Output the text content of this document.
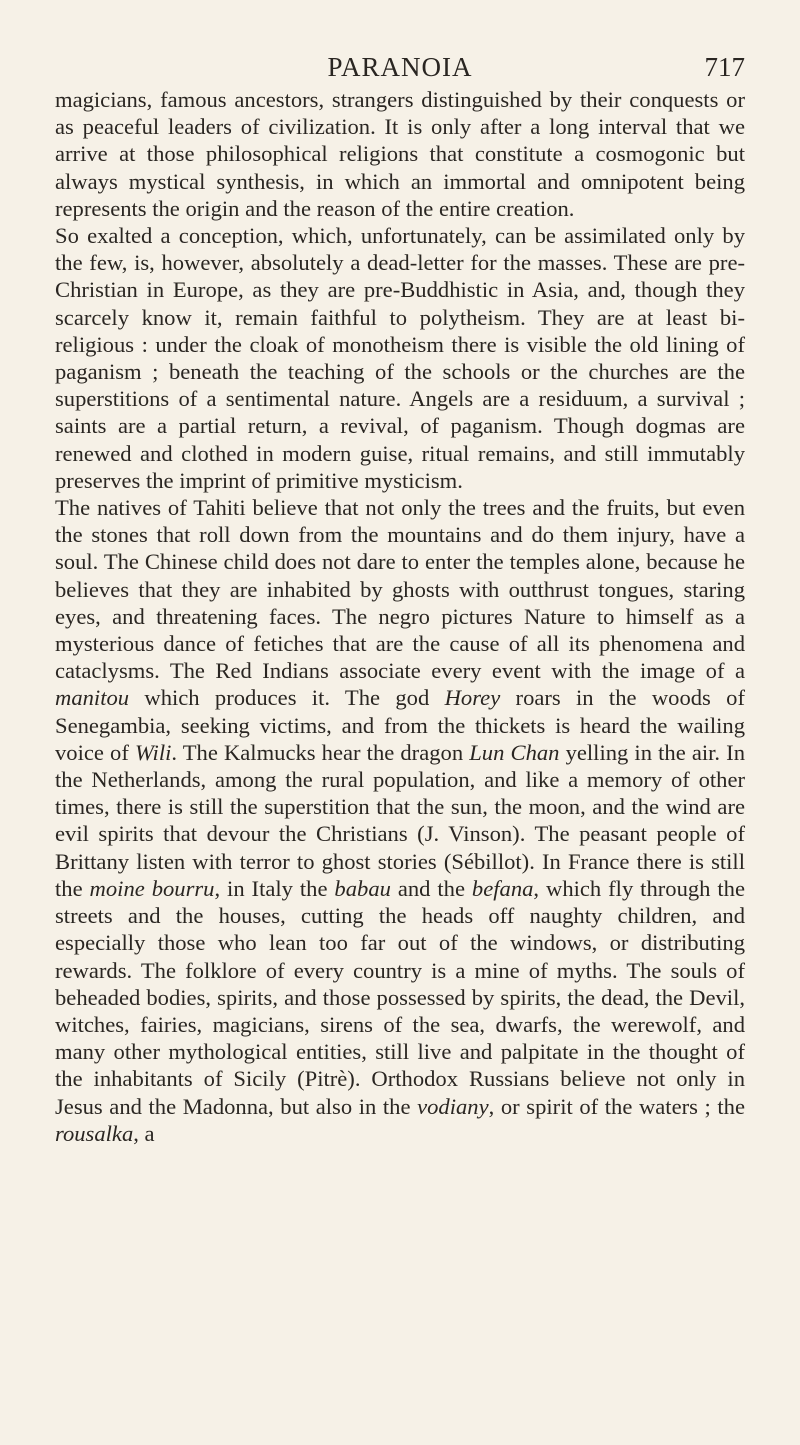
PARANOIA	717

magicians, famous ancestors, strangers distinguished by their conquests or as peaceful leaders of civilization. It is only after a long interval that we arrive at those philosophical religions that constitute a cosmogonic but always mystical synthesis, in which an immortal and omnipotent being represents the origin and the reason of the entire creation.

So exalted a conception, which, unfortunately, can be assimilated only by the few, is, however, absolutely a dead-letter for the masses. These are pre-Christian in Europe, as they are pre-Buddhistic in Asia, and, though they scarcely know it, remain faithful to polytheism. They are at least bi-religious : under the cloak of monotheism there is visible the old lining of paganism ; beneath the teaching of the schools or the churches are the superstitions of a sentimental nature. Angels are a residuum, a survival ; saints are a partial return, a revival, of paganism. Though dogmas are renewed and clothed in modern guise, ritual remains, and still immutably preserves the imprint of primitive mysticism.

The natives of Tahiti believe that not only the trees and the fruits, but even the stones that roll down from the mountains and do them injury, have a soul. The Chinese child does not dare to enter the temples alone, because he believes that they are inhabited by ghosts with outthrust tongues, staring eyes, and threatening faces. The negro pictures Nature to himself as a mysterious dance of fetiches that are the cause of all its phenomena and cataclysms. The Red Indians associate every event with the image of a manitou which produces it. The god Horey roars in the woods of Senegambia, seeking victims, and from the thickets is heard the wailing voice of Wili. The Kalmucks hear the dragon Lun Chan yelling in the air. In the Netherlands, among the rural population, and like a memory of other times, there is still the superstition that the sun, the moon, and the wind are evil spirits that devour the Christians (J. Vinson). The peasant people of Brittany listen with terror to ghost stories (Sébillot). In France there is still the moine bourru, in Italy the babau and the befana, which fly through the streets and the houses, cutting the heads off naughty children, and especially those who lean too far out of the windows, or distributing rewards. The folklore of every country is a mine of myths. The souls of beheaded bodies, spirits, and those possessed by spirits, the dead, the Devil, witches, fairies, magicians, sirens of the sea, dwarfs, the werewolf, and many other mythological entities, still live and palpitate in the thought of the inhabitants of Sicily (Pitrè). Orthodox Russians believe not only in Jesus and the Madonna, but also in the vodiany, or spirit of the waters ; the rousalka, a
